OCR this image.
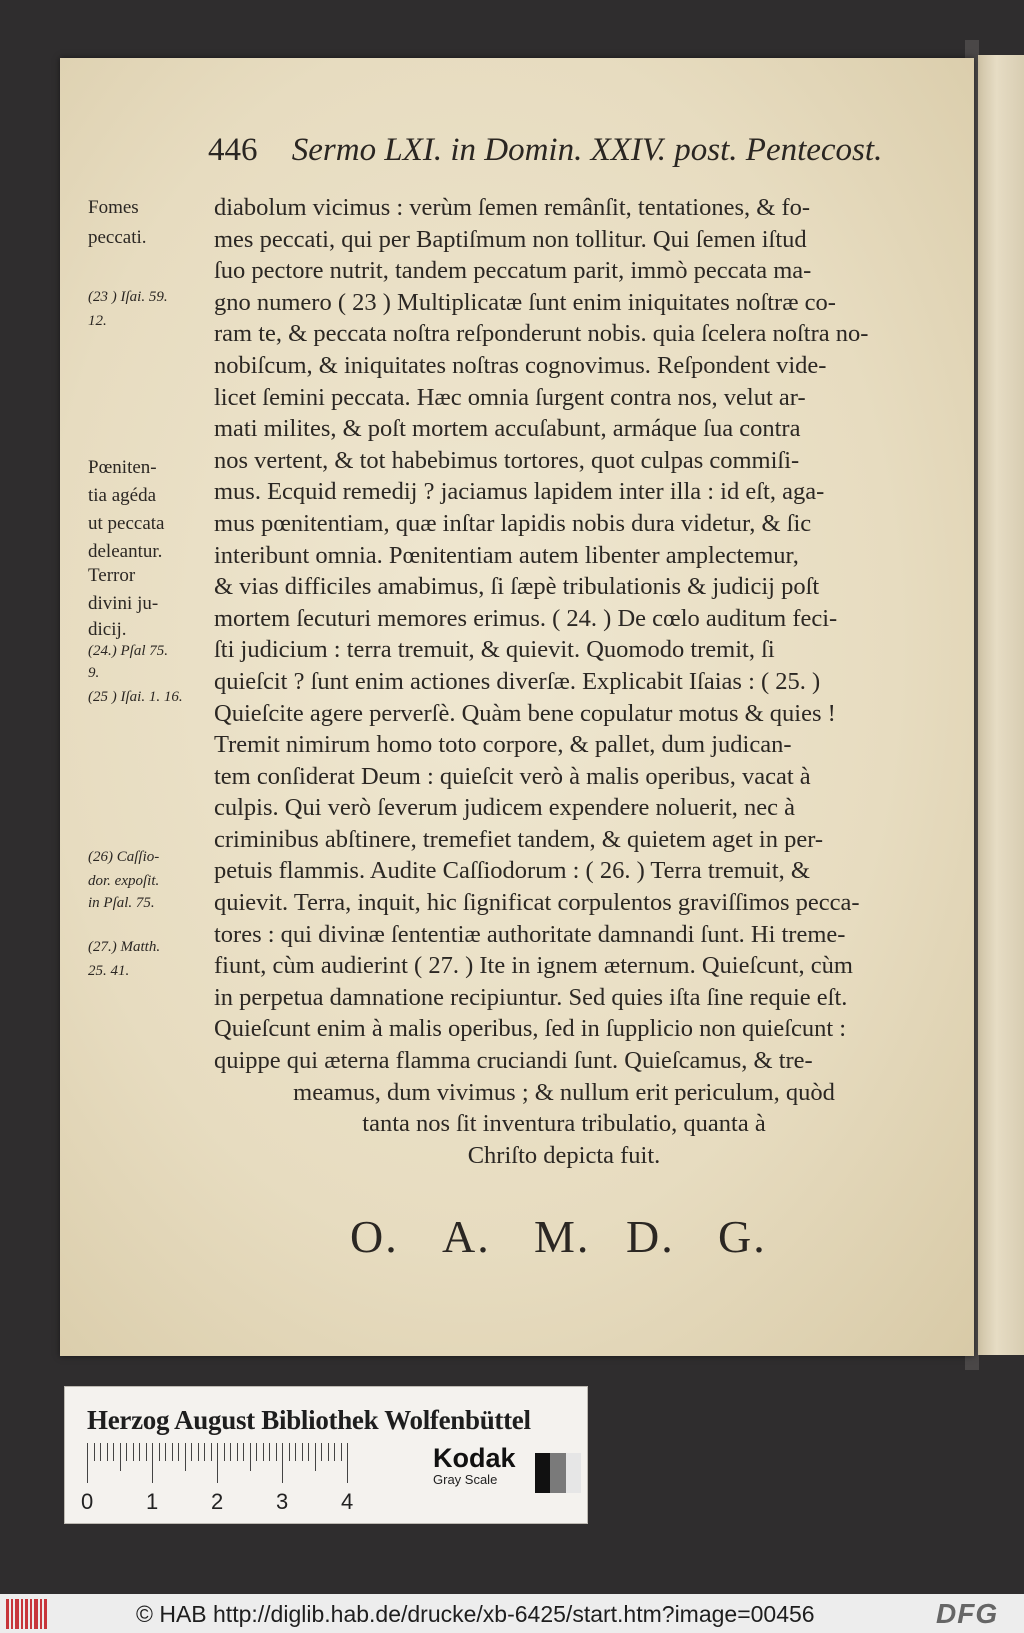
446 Sermo LXI. in Domin. XXIV. post. Pentecost.
Fomes
peccati.
(23 ) Iſai. 59.
12.
Pœniten-
tia agéda
ut peccata
deleantur.
Terror
divini ju-
dicij.
(24.) Pſal 75.
9.
(25 ) Iſai. 1. 16.
(26) Caſſio-
dor. expoſit.
in Pſal. 75.
(27.) Matth.
25. 41.
diabolum vicimus : verùm ſemen remânſit, tentationes, & fo-
mes peccati, qui per Baptiſmum non tollitur. Qui ſemen iſtud
ſuo pectore nutrit, tandem peccatum parit, immò peccata ma-
gno numero ( 23 ) Multiplicatæ ſunt enim iniquitates noſtræ co-
ram te, & peccata noſtra reſponderunt nobis. quia ſcelera noſtra no-
nobiſcum, & iniquitates noſtras cognovimus. Reſpondent vide-
licet ſemini peccata. Hæc omnia ſurgent contra nos, velut ar-
mati milites, & poſt mortem accuſabunt, armáque ſua contra
nos vertent, & tot habebimus tortores, quot culpas commiſi-
mus. Ecquid remedij ? jaciamus lapidem inter illa : id eſt, aga-
mus pœnitentiam, quæ inſtar lapidis nobis dura videtur, & ſic
interibunt omnia. Pœnitentiam autem libenter amplectemur,
& vias difficiles amabimus, ſi ſæpè tribulationis & judicij poſt
mortem ſecuturi memores erimus. ( 24. ) De cœlo auditum feci-
ſti judicium : terra tremuit, & quievit. Quomodo tremit, ſi
quieſcit ? ſunt enim actiones diverſæ. Explicabit Iſaias : ( 25. )
Quieſcite agere perverſè. Quàm bene copulatur motus & quies !
Tremit nimirum homo toto corpore, & pallet, dum judican-
tem conſiderat Deum : quieſcit verò à malis operibus, vacat à
culpis. Qui verò ſeverum judicem expendere noluerit, nec à
criminibus abſtinere, tremefiet tandem, & quietem aget in per-
petuis flammis. Audite Caſſiodorum : ( 26. ) Terra tremuit, &
quievit. Terra, inquit, hic ſignificat corpulentos graviſſimos pecca-
tores : qui divinæ ſententiæ authoritate damnandi ſunt. Hi treme-
fiunt, cùm audierint ( 27. ) Ite in ignem æternum. Quieſcunt, cùm
in perpetua damnatione recipiuntur. Sed quies iſta ſine requie eſt.
Quieſcunt enim à malis operibus, ſed in ſupplicio non quieſcunt :
quippe qui æterna flamma cruciandi ſunt. Quieſcamus, & tre-
meamus, dum vivimus ; & nullum erit periculum, quòd
tanta nos ſit inventura tribulatio, quanta à
Chriſto depicta fuit.
O. A. M. D. G.
Herzog August Bibliothek Wolfenbüttel
0 1 2 3 4
Kodak
Gray Scale
© HAB http://diglib.hab.de/drucke/xb-6425/start.htm?image=00456	DFG
